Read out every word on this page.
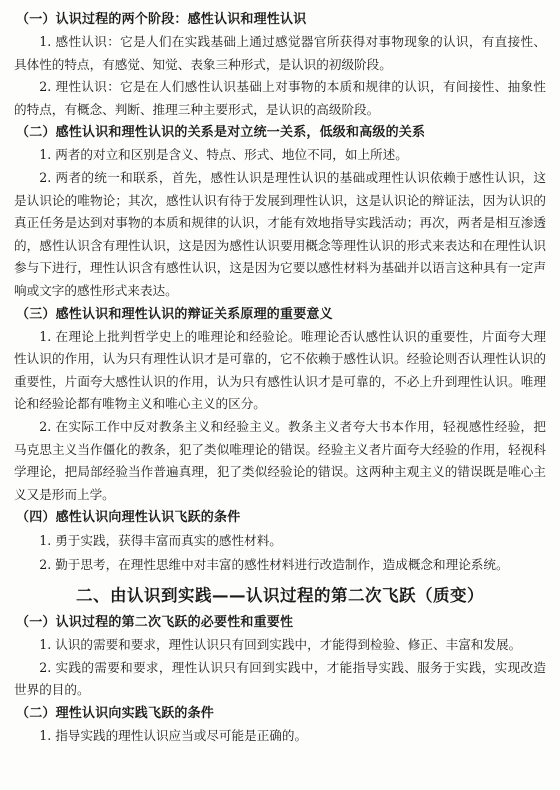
（一）认识过程的两个阶段：感性认识和理性认识

1. 感性认识：它是人们在实践基础上通过感觉器官所获得对事物现象的认识，有直接性、具体性的特点，有感觉、知觉、表象三种形式，是认识的初级阶段。

2. 理性认识：它是在人们感性认识基础上对事物的本质和规律的认识，有间接性、抽象性的特点，有概念、判断、推理三种主要形式，是认识的高级阶段。

（二）感性认识和理性认识的关系是对立统一关系，低级和高级的关系

1. 两者的对立和区别是含义、特点、形式、地位不同，如上所述。

2. 两者的统一和联系，首先，感性认识是理性认识的基础或理性认识依赖于感性认识，这是认识论的唯物论；其次，感性认识有待于发展到理性认识，这是认识论的辩证法，因为认识的真正任务是达到对事物的本质和规律的认识，才能有效地指导实践活动；再次，两者是相互渗透的，感性认识含有理性认识，这是因为感性认识要用概念等理性认识的形式来表达和在理性认识参与下进行，理性认识含有感性认识，这是因为它要以感性材料为基础并以语言这种具有一定声响或文字的感性形式来表达。

（三）感性认识和理性认识的辩证关系原理的重要意义

1. 在理论上批判哲学史上的唯理论和经验论。唯理论否认感性认识的重要性，片面夸大理性认识的作用，认为只有理性认识才是可靠的，它不依赖于感性认识。经验论则否认理性认识的重要性，片面夸大感性认识的作用，认为只有感性认识才是可靠的，不必上升到理性认识。唯理论和经验论都有唯物主义和唯心主义的区分。

2. 在实际工作中反对教条主义和经验主义。教条主义者夸大书本作用，轻视感性经验，把马克思主义当作僵化的教条，犯了类似唯理论的错误。经验主义者片面夸大经验的作用，轻视科学理论，把局部经验当作普遍真理，犯了类似经验论的错误。这两种主观主义的错误既是唯心主义又是形而上学。

（四）感性认识向理性认识飞跃的条件

1. 勇于实践，获得丰富而真实的感性材料。

2. 勤于思考，在理性思维中对丰富的感性材料进行改造制作，造成概念和理论系统。

二、由认识到实践——认识过程的第二次飞跃（质变）
（一）认识过程的第二次飞跃的必要性和重要性

1. 认识的需要和要求，理性认识只有回到实践中，才能得到检验、修正、丰富和发展。

2. 实践的需要和要求，理性认识只有回到实践中，才能指导实践、服务于实践，实现改造世界的目的。

（二）理性认识向实践飞跃的条件

1. 指导实践的理性认识应当或尽可能是正确的。
